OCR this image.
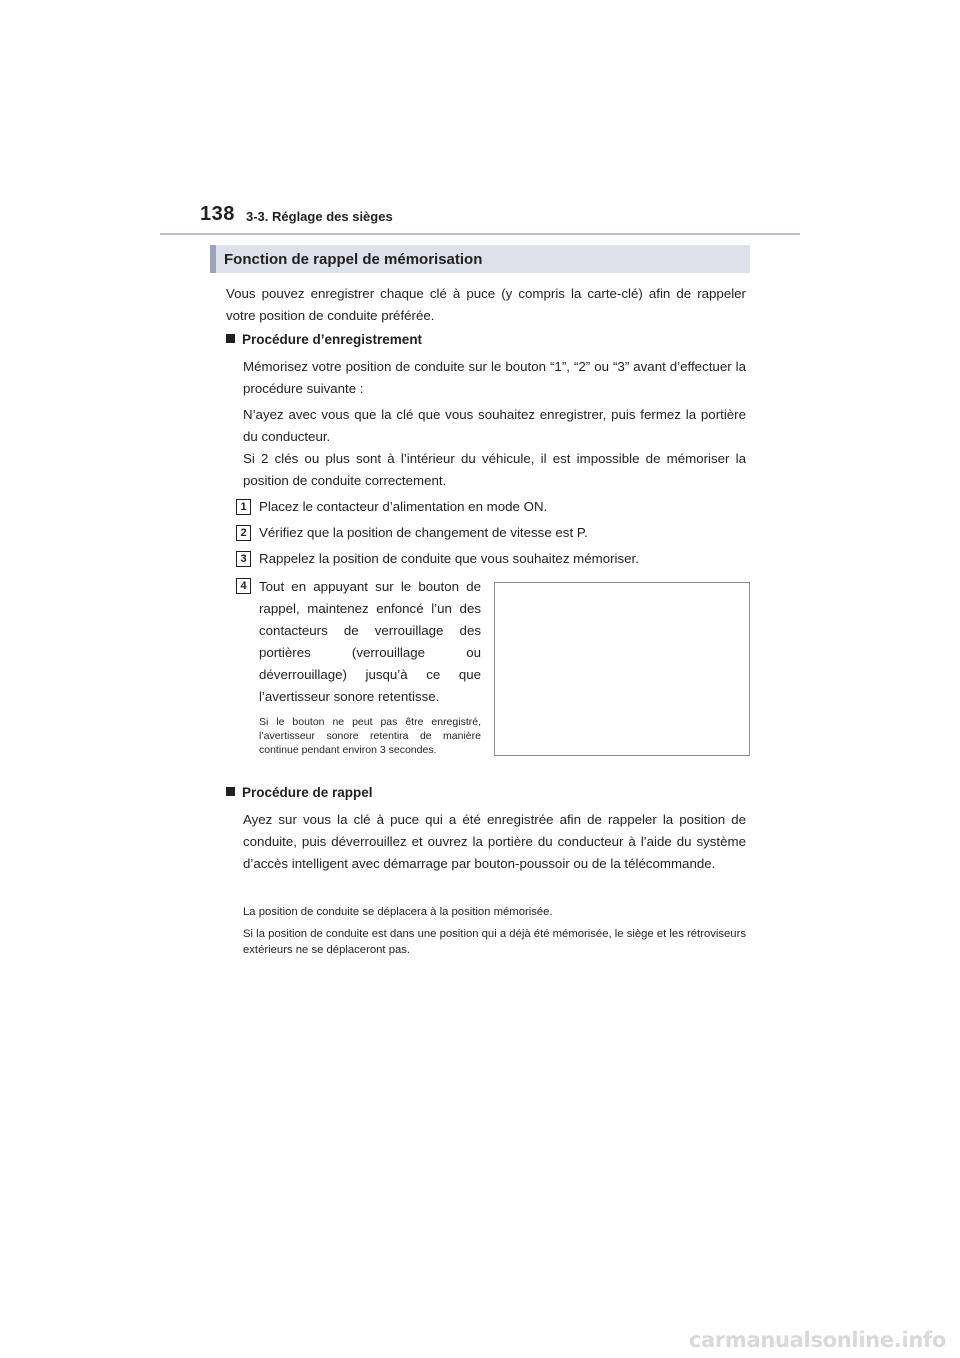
138 3-3. Réglage des sièges
Fonction de rappel de mémorisation
Vous pouvez enregistrer chaque clé à puce (y compris la carte-clé) afin de rappeler votre position de conduite préférée.
Procédure d’enregistrement
Mémorisez votre position de conduite sur le bouton “1”, “2” ou “3” avant d’effectuer la procédure suivante :
N’ayez avec vous que la clé que vous souhaitez enregistrer, puis fermez la portière du conducteur.
Si 2 clés ou plus sont à l’intérieur du véhicule, il est impossible de mémoriser la position de conduite correctement.
1 Placez le contacteur d’alimentation en mode ON.
2 Vérifiez que la position de changement de vitesse est P.
3 Rappelez la position de conduite que vous souhaitez mémoriser.
4 Tout en appuyant sur le bouton de rappel, maintenez enfoncé l’un des contacteurs de verrouillage des portières (verrouillage ou déverrouillage) jusqu’à ce que l’avertisseur sonore retentisse.
Si le bouton ne peut pas être enregistré, l’avertisseur sonore retentira de manière continue pendant environ 3 secondes.
Procédure de rappel
Ayez sur vous la clé à puce qui a été enregistrée afin de rappeler la position de conduite, puis déverrouillez et ouvrez la portière du conducteur à l’aide du système d’accès intelligent avec démarrage par bouton-poussoir ou de la télécommande.
La position de conduite se déplacera à la position mémorisée.
Si la position de conduite est dans une position qui a déjà été mémorisée, le siège et les rétroviseurs extérieurs ne se déplaceront pas.
carmanualsonline.info
